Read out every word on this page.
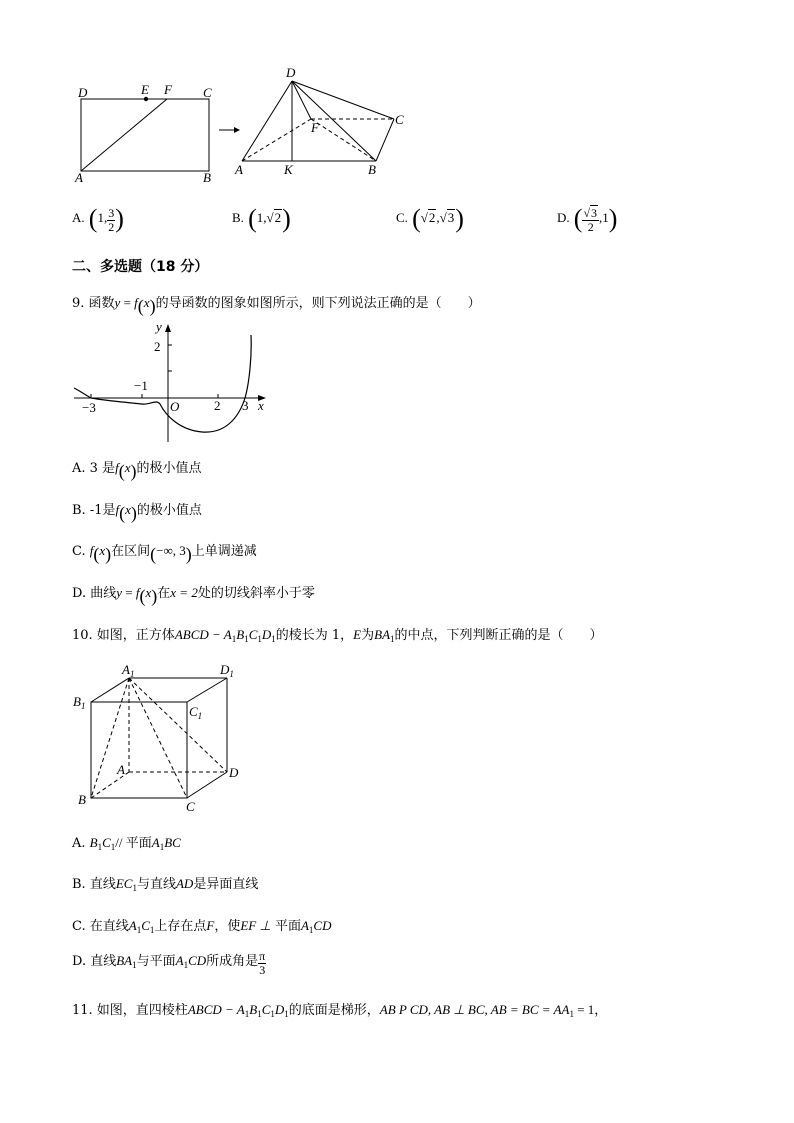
D	E F C
A	B
D
F
C
A	K	B
A. (1, $\frac{3}{2}$ )	B. (1,√2)	C. (√2,√3)	D. ( $\frac{√3}{2} ,1$)
二、多选题（18 分）
9. 函数y = f(x)的导函数的图象如图所示，则下列说法正确的是（　　）
y
x
O
2
−1
−3	2 3
A. 3 是f(x)的极小值点
B. -1是f(x)的极小值点
C. f(x)在区间(−∞, 3)上单调递减
D. 曲线y = f(x)在x = 2处的切线斜率小于零
10. 如图，正方体ABCD − $A_1B_1C_1D_1$的棱长为 1，E为$BA_1$的中点，下列判断正确的是（　　）
$A_1$	$D_1$
$B_1$	$C_1$
A	D
B	C
A. $B_1C_1//$ 平面$A_1BC$
B. 直线$EC_1$与直线AD是异面直线
C. 在直线$A_1C_1$上存在点F，使EF ⊥ 平面$A_1CD$
D. 直线$BA_1$与平面$A_1CD$所成角是 $\frac{\pi}{3}$
11. 如图，直四棱柱ABCD − $A_1B_1C_1D_1$的底面是梯形，AB P CD, AB ⊥ BC, AB = BC = $AA_1 = 1$，
